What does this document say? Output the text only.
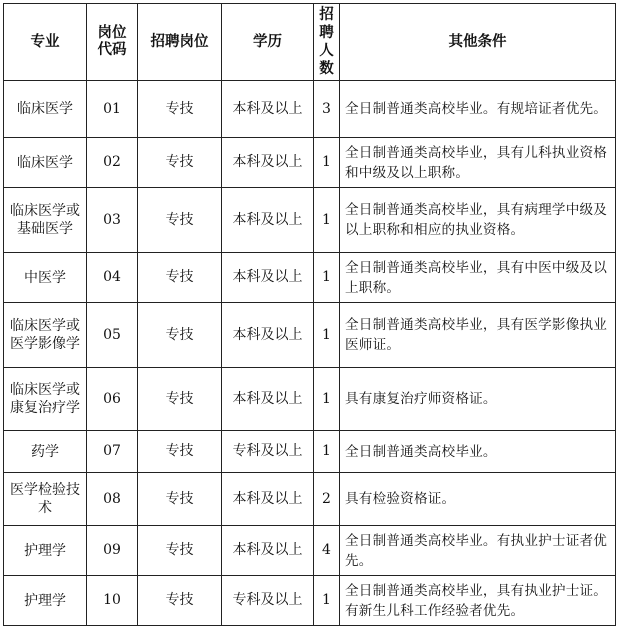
专业	岗位代码	招聘岗位	学历	招聘人数	其他条件
临床医学	01	专技	本科及以上	3	全日制普通类高校毕业。有规培证者优先。
临床医学	02	专技	本科及以上	1	全日制普通类高校毕业，具有儿科执业资格和中级及以上职称。
临床医学或基础医学	03	专技	本科及以上	1	全日制普通类高校毕业，具有病理学中级及以上职称和相应的执业资格。
中医学	04	专技	本科及以上	1	全日制普通类高校毕业，具有中医中级及以上职称。
临床医学或医学影像学	05	专技	本科及以上	1	全日制普通类高校毕业，具有医学影像执业医师证。
临床医学或康复治疗学	06	专技	本科及以上	1	具有康复治疗师资格证。
药学	07	专技	专科及以上	1	全日制普通类高校毕业。
医学检验技术	08	专技	本科及以上	2	具有检验资格证。
护理学	09	专技	本科及以上	4	全日制普通类高校毕业。有执业护士证者优先。
护理学	10	专技	专科及以上	1	全日制普通类高校毕业，具有执业护士证。有新生儿科工作经验者优先。
